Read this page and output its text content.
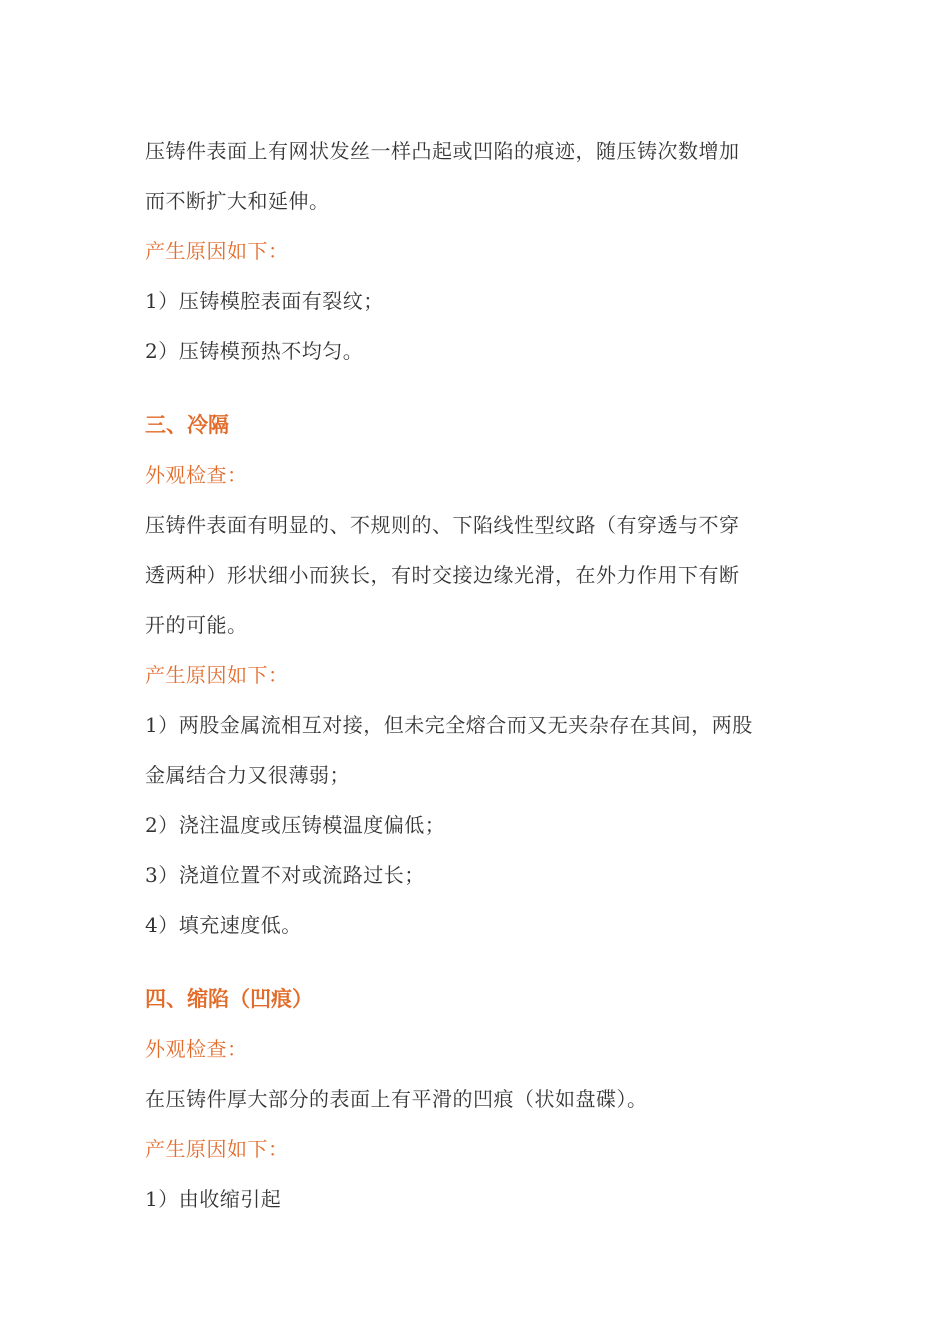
压铸件表面上有网状发丝一样凸起或凹陷的痕迹，随压铸次数增加
而不断扩大和延伸。
产生原因如下：
1）压铸模腔表面有裂纹；
2）压铸模预热不均匀。
三、冷隔
外观检查：
压铸件表面有明显的、不规则的、下陷线性型纹路（有穿透与不穿
透两种）形状细小而狭长，有时交接边缘光滑，在外力作用下有断
开的可能。
产生原因如下：
1）两股金属流相互对接，但未完全熔合而又无夹杂存在其间，两股
金属结合力又很薄弱；
2）浇注温度或压铸模温度偏低；
3）浇道位置不对或流路过长；
4）填充速度低。
四、缩陷（凹痕）
外观检查：
在压铸件厚大部分的表面上有平滑的凹痕（状如盘碟）。
产生原因如下：
1）由收缩引起
